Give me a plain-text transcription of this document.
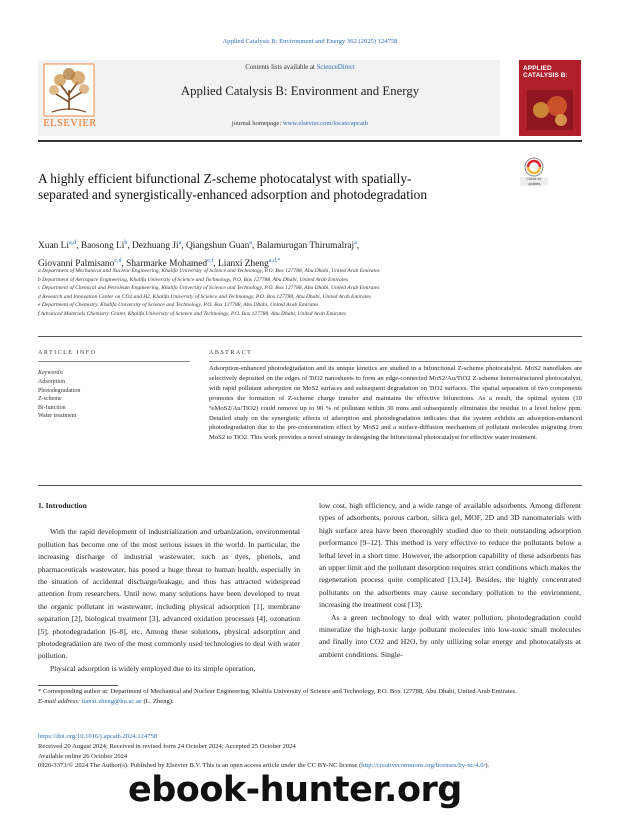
Applied Catalysis B: Environment and Energy 362 (2025) 124758
ELSEVIER
Contents lists available at ScienceDirect
Applied Catalysis B: Environment and Energy
journal homepage: www.elsevier.com/locate/apcatb
APPLIED CATALYSIS B:
A highly efficient bifunctional Z-scheme photocatalyst with spatially-separated and synergistically-enhanced adsorption and photodegradation
Check for updates
Xuan Li$^{a,d}$, Baosong Li$^b$, Dezhuang Ji$^a$, Qiangshun Guan$^a$, Balamurugan Thirumalraj$^a$,
Giovanni Palmisano$^{c,d}$, Sharmarke Mohamed$^{e,f}$, Lianxi Zheng$^{a,d,*}$
a Department of Mechanical and Nuclear Engineering, Khalifa University of Science and Technology, P.O. Box 127788, Abu Dhabi, United Arab Emirates
b Department of Aerospace Engineering, Khalifa University of Science and Technology, P.O. Box 127788, Abu Dhabi, United Arab Emirates
c Department of Chemical and Petroleum Engineering, Khalifa University of Science and Technology, P.O. Box 127788, Abu Dhabi, United Arab Emirates
d Research and Innovation Center on CO2 and H2, Khalifa University of Science and Technology, P.O. Box 127788, Abu Dhabi, United Arab Emirates
e Department of Chemistry, Khalifa University of Science and Technology, P.O. Box 127788, Abu Dhabi, United Arab Emirates
f Advanced Materials Chemistry Center, Khalifa University of Science and Technology, P.O. Box 127788, Abu Dhabi, United Arab Emirates
ARTICLE INFO
Keywords:
Adsorption
Photodegradation
Z-scheme
Bi-function
Water treatment
ABSTRACT
Adsorption-enhanced photodegradation and its unique kinetics are studied in a bifunctional Z-scheme photocatalyst. MoS2 nanoflakes are selectively deposited on the edges of TiO2 nanosheets to form an edge-connected MoS2/Au/TiO2 Z-scheme heterostructured photocatalyst, with rapid pollutant adsorption on MoS2 surfaces and subsequent degradation on TiO2 surfaces. The spatial separation of two components promotes the formation of Z-scheme charge transfer and maintains the effective bifunctions. As a result, the optimal system (10 %MoS2/Au/TiO2) could remove up to 90 % of pollutant within 30 mins and subsequently eliminates the residue to a level below ppm. Detailed study on the synergistic effects of adsorption and photodegradation indicates that the system exhibits an adsorption-enhanced photodegradation due to the pre-concentration effect by MoS2 and a surface-diffusion mechanism of pollutant molecules migrating from MoS2 to TiO2. This work provides a novel strategy in designing the bifunctional photocatalyst for effective water treatment.
1. Introduction

With the rapid development of industrialization and urbanization, environmental pollution has become one of the most serious issues in the world. In particular, the increasing discharge of industrial wastewater, such as dyes, phenols, and pharmaceuticals wastewater, has posed a huge threat to human health, especially in the situation of accidental discharge/leakage, and thus has attracted widespread attention from researchers. Until now, many solutions have been developed to treat the organic pollutant in wastewater, including physical adsorption [1], membrane separation [2], biological treatment [3], advanced oxidation processes [4], ozonation [5], photodegradation [6–8], etc. Among these solutions, physical adsorption and photodegradation are two of the most commonly used technologies to deal with water pollution.

Physical adsorption is widely employed due to its simple operation,

low cost, high efficiency, and a wide range of available adsorbents. Among different types of adsorbents, porous carbon, silica gel, MOF, 2D and 3D nanomaterials with high surface area have been thoroughly studied due to their outstanding adsorption performance [9–12]. This method is very effective to reduce the pollutants below a lethal level in a short time. However, the adsorption capability of these adsorbents has an upper limit and the pollutant desorption requires strict conditions which makes the regeneration process quite complicated [13,14]. Besides, the highly concentrated pollutants on the adsorbents may cause secondary pollution to the environment, increasing the treatment cost [13].

As a green technology to deal with water pollution, photodegradation could mineralize the high-toxic large pollutant molecules into low-toxic small molecules and finally into CO2 and H2O, by only utilizing solar energy and photocatalysts at ambient conditions. Single-

* Corresponding author at: Department of Mechanical and Nuclear Engineering, Khalifa University of Science and Technology, P.O. Box 127788, Abu Dhabi, United Arab Emirates.
E-mail address: lianxi.zheng@ku.ac.ae (L. Zheng).
https://doi.org/10.1016/j.apcatb.2024.124758
Received 20 August 2024; Received in revised form 24 October 2024; Accepted 25 October 2024
Available online 26 October 2024
0926-3373/© 2024 The Author(s). Published by Elsevier B.V. This is an open access article under the CC BY-NC license (http://creativecommons.org/licenses/by-nc/4.0/).
ebook-hunter.org
